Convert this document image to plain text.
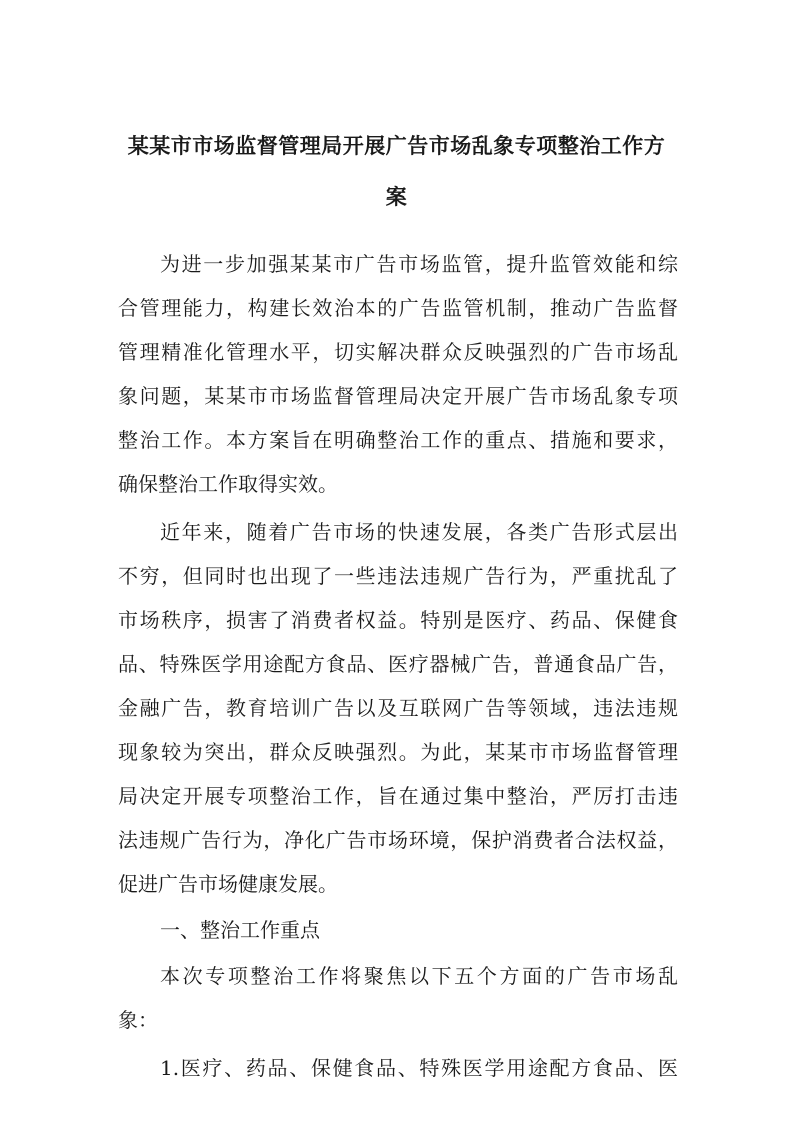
某某市市场监督管理局开展广告市场乱象专项整治工作方
案
为进一步加强某某市广告市场监管，提升监管效能和综
合管理能力，构建长效治本的广告监管机制，推动广告监督
管理精准化管理水平，切实解决群众反映强烈的广告市场乱
象问题，某某市市场监督管理局决定开展广告市场乱象专项
整治工作。本方案旨在明确整治工作的重点、措施和要求，
确保整治工作取得实效。
近年来，随着广告市场的快速发展，各类广告形式层出
不穷，但同时也出现了一些违法违规广告行为，严重扰乱了
市场秩序，损害了消费者权益。特别是医疗、药品、保健食
品、特殊医学用途配方食品、医疗器械广告，普通食品广告，
金融广告，教育培训广告以及互联网广告等领域，违法违规
现象较为突出，群众反映强烈。为此，某某市市场监督管理
局决定开展专项整治工作，旨在通过集中整治，严厉打击违
法违规广告行为，净化广告市场环境，保护消费者合法权益，
促进广告市场健康发展。
一、整治工作重点
本次专项整治工作将聚焦以下五个方面的广告市场乱
象：
1.医疗、药品、保健食品、特殊医学用途配方食品、医
